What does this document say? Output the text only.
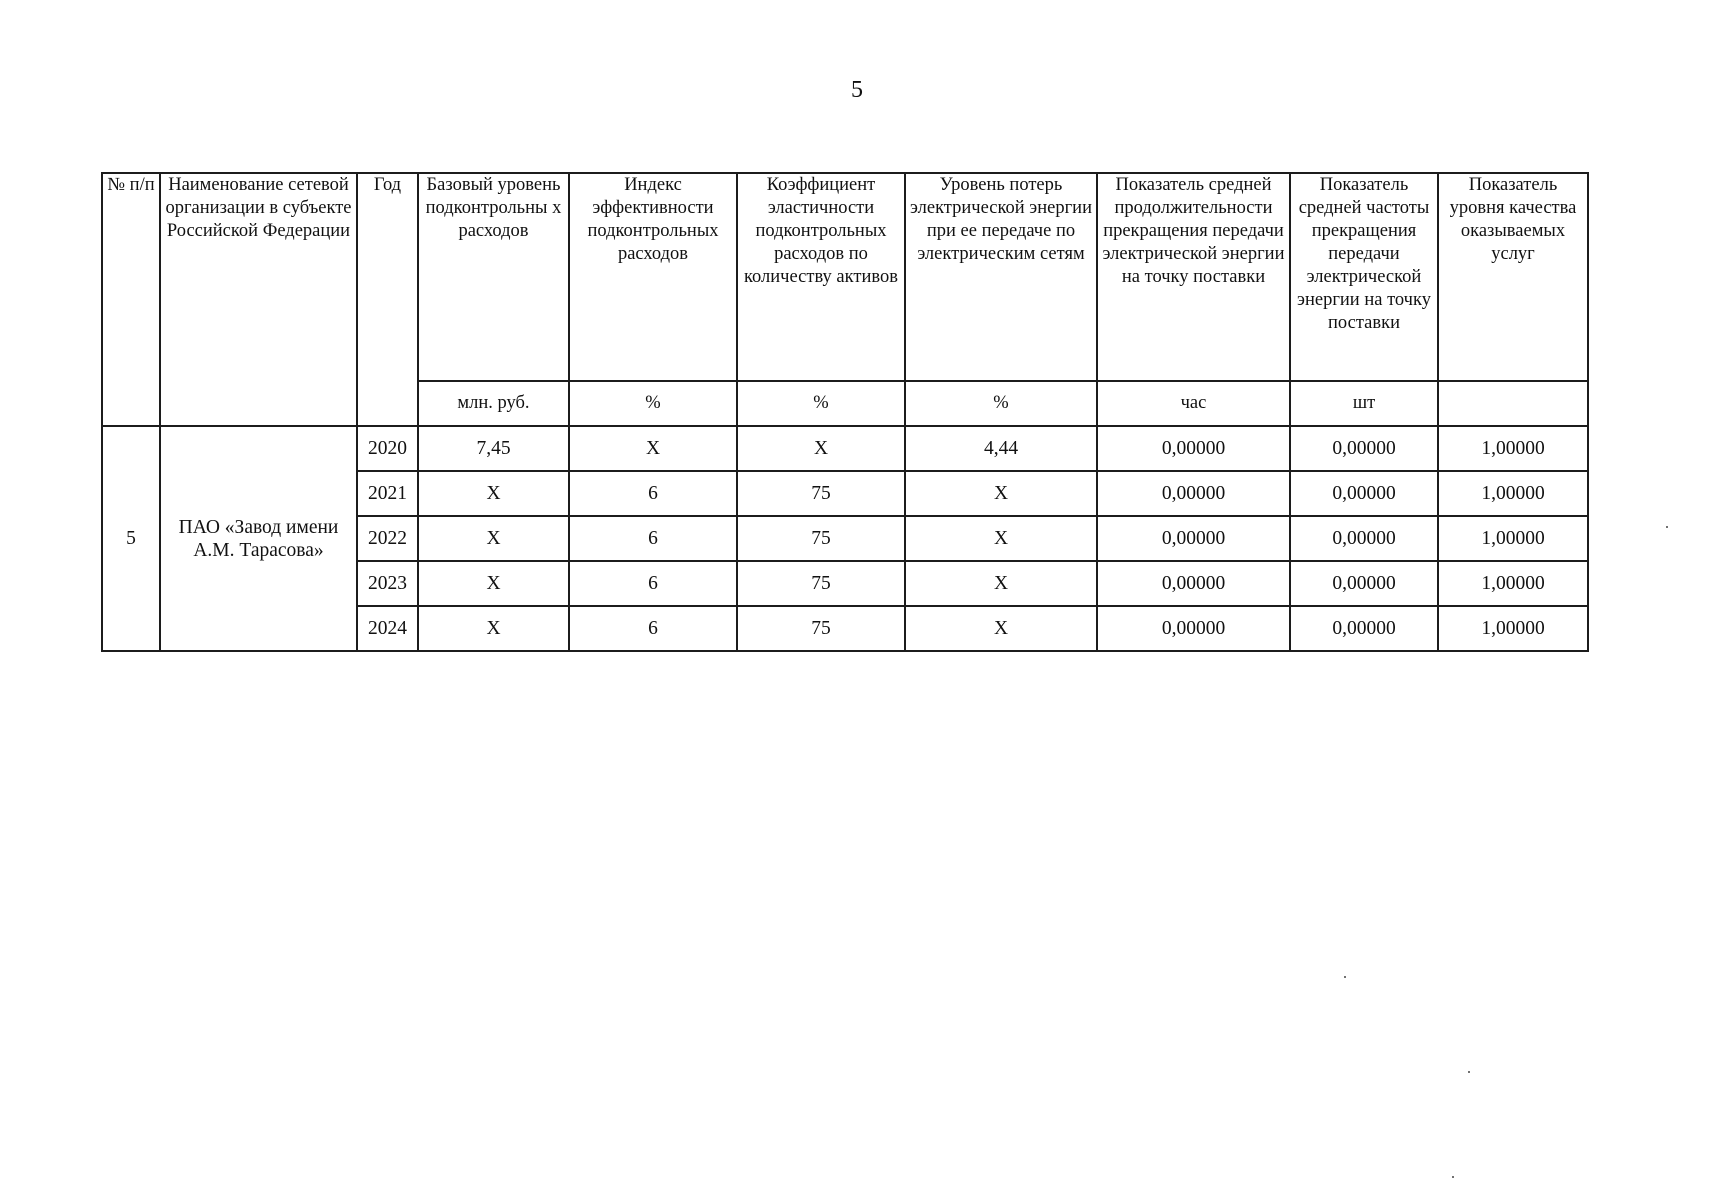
5
№ п/п	Наименование сетевой организации в субъекте Российской Федерации	Год	Базовый уровень подконтрольны х расходов	Индекс эффективности подконтрольных расходов	Коэффициент эластичности подконтрольных расходов по количеству активов	Уровень потерь электрической энергии при ее передаче по электрическим сетям	Показатель средней продолжительности прекращения передачи электрической энергии на точку поставки	Показатель средней частоты прекращения передачи электрической энергии на точку поставки	Показатель уровня качества оказываемых услуг
			млн. руб.	%	%	%	час	шт	
5	ПАО «Завод имени А.М. Тарасова»	2020	7,45	X	X	4,44	0,00000	0,00000	1,00000
		2021	X	6	75	X	0,00000	0,00000	1,00000
		2022	X	6	75	X	0,00000	0,00000	1,00000
		2023	X	6	75	X	0,00000	0,00000	1,00000
		2024	X	6	75	X	0,00000	0,00000	1,00000
